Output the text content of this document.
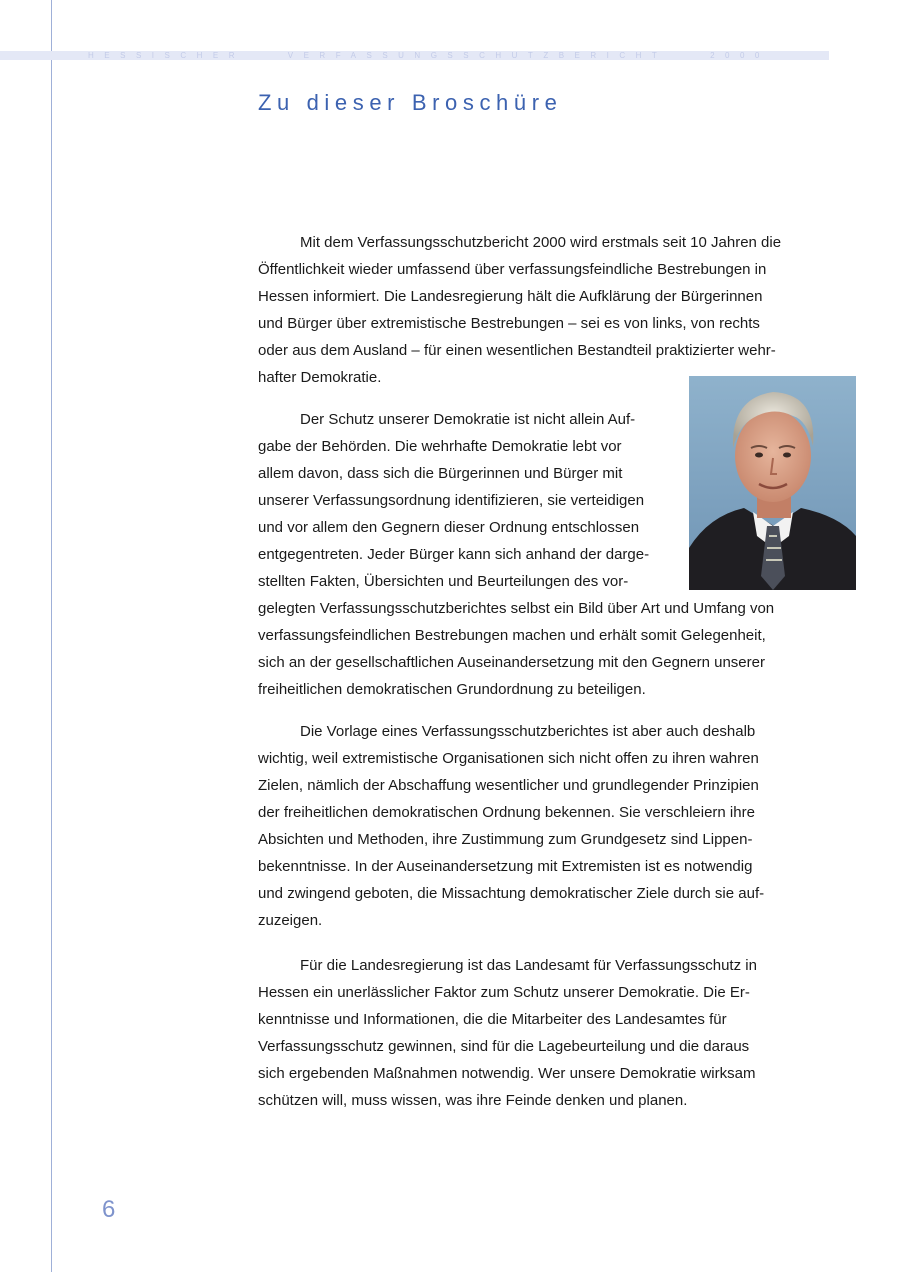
HESSISCHER	VERFASSUNGSSCHUTZBERICHT	2000
Zu dieser Broschüre

Mit dem Verfassungsschutzbericht 2000 wird erstmals seit 10 Jahren die
Öffentlichkeit wieder umfassend über verfassungsfeindliche Bestrebungen in
Hessen informiert. Die Landesregierung hält die Aufklärung der Bürgerinnen
und Bürger über extremistische Bestrebungen – sei es von links, von rechts
oder aus dem Ausland – für einen wesentlichen Bestandteil praktizierter wehr-
hafter Demokratie.

Der Schutz unserer Demokratie ist nicht allein Auf-
gabe der Behörden. Die wehrhafte Demokratie lebt vor
allem davon, dass sich die Bürgerinnen und Bürger mit
unserer Verfassungsordnung identifizieren, sie verteidigen
und vor allem den Gegnern dieser Ordnung entschlossen
entgegentreten. Jeder Bürger kann sich anhand der darge-
stellten Fakten, Übersichten und Beurteilungen des vor-
gelegten Verfassungsschutzberichtes selbst ein Bild über Art und Umfang von
verfassungsfeindlichen Bestrebungen machen und erhält somit Gelegenheit,
sich an der gesellschaftlichen Auseinandersetzung mit den Gegnern unserer
freiheitlichen demokratischen Grundordnung zu beteiligen.

Die Vorlage eines Verfassungsschutzberichtes ist aber auch deshalb
wichtig, weil extremistische Organisationen sich nicht offen zu ihren wahren
Zielen, nämlich der Abschaffung wesentlicher und grundlegender Prinzipien
der freiheitlichen demokratischen Ordnung bekennen. Sie verschleiern ihre
Absichten und Methoden, ihre Zustimmung zum Grundgesetz sind Lippen-
bekenntnisse. In der Auseinandersetzung mit Extremisten ist es notwendig
und zwingend geboten, die Missachtung demokratischer Ziele durch sie auf-
zuzeigen.

Für die Landesregierung ist das Landesamt für Verfassungsschutz in
Hessen ein unerlässlicher Faktor zum Schutz unserer Demokratie. Die Er-
kenntnisse und Informationen, die die Mitarbeiter des Landesamtes für
Verfassungsschutz gewinnen, sind für die Lagebeurteilung und die daraus
sich ergebenden Maßnahmen notwendig. Wer unsere Demokratie wirksam
schützen will, muss wissen, was ihre Feinde denken und planen.

6
